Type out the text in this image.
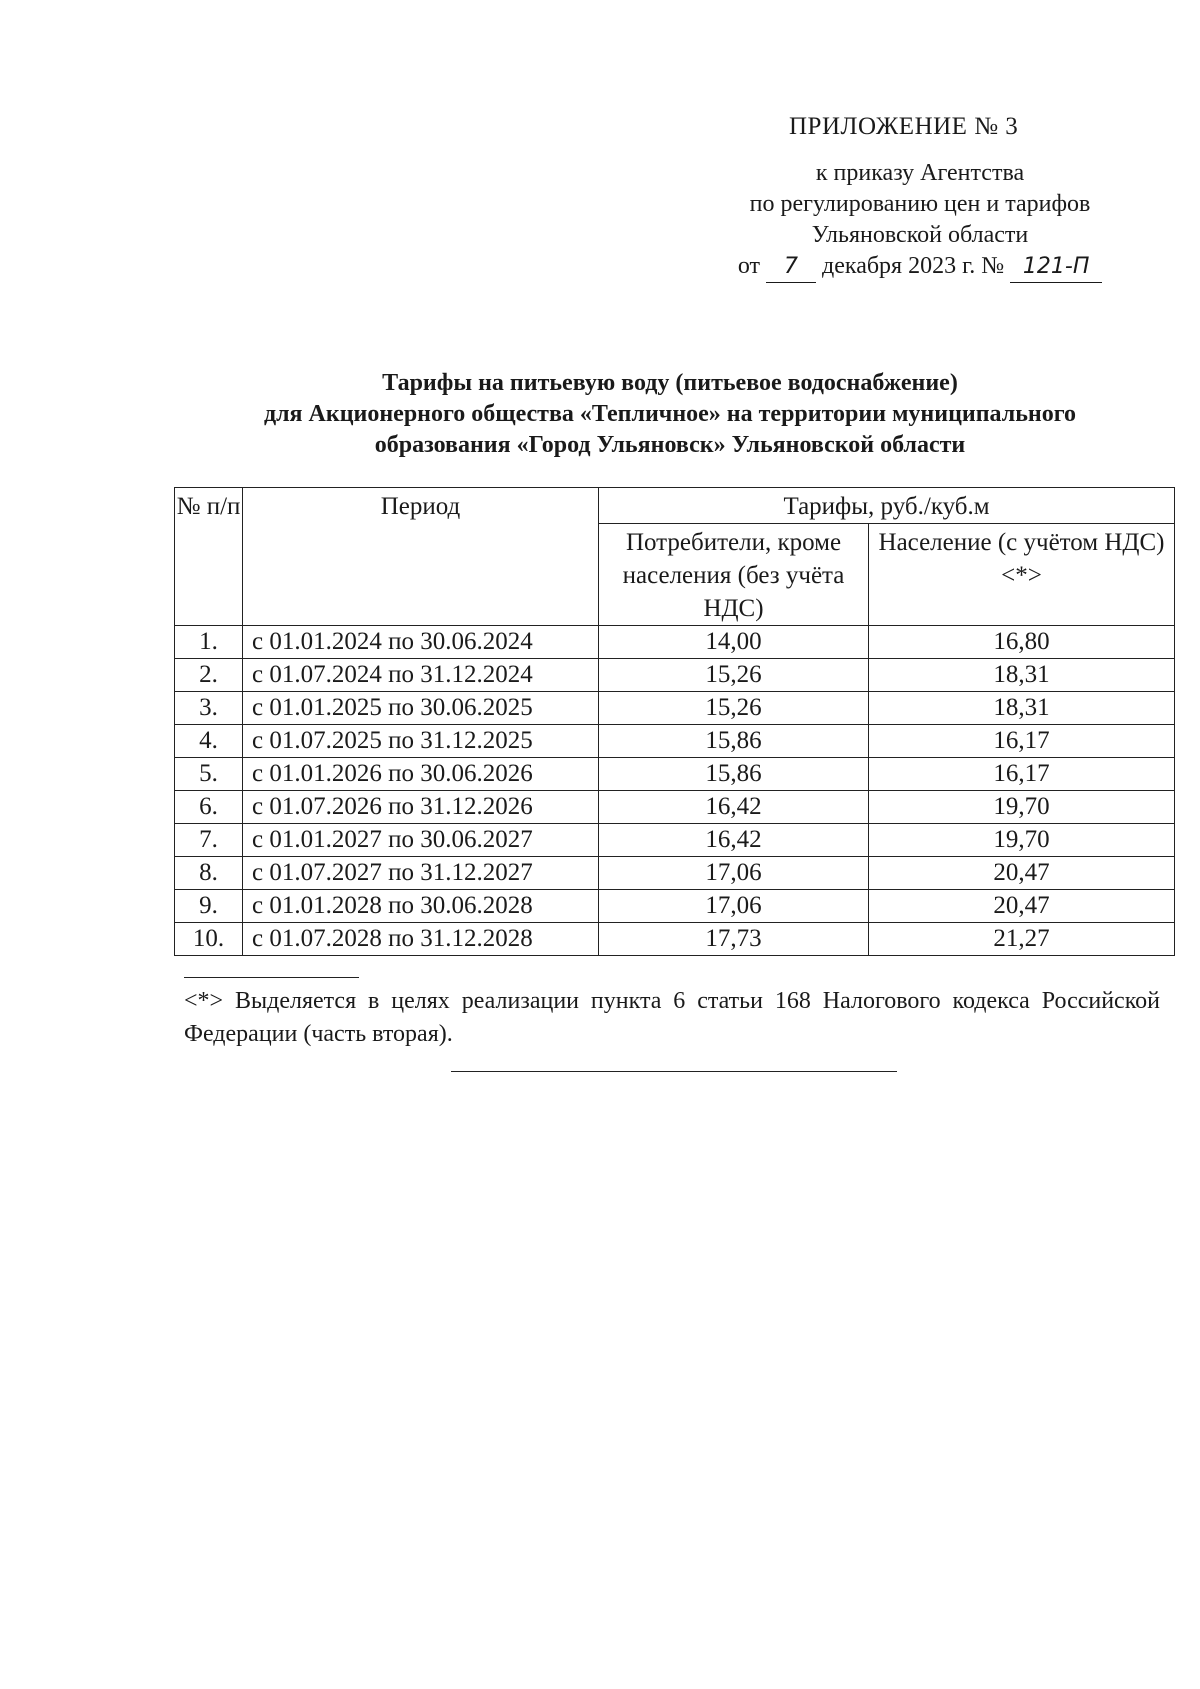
ПРИЛОЖЕНИЕ № 3
к приказу Агентства
по регулированию цен и тарифов
Ульяновской области
от 7 декабря 2023 г. № 121-П
Тарифы на питьевую воду (питьевое водоснабжение)
для Акционерного общества «Тепличное» на территории муниципального
образования «Город Ульяновск» Ульяновской области
№ п/п	Период	Тарифы, руб./куб.м	
		Потребители, кроме населения (без учёта НДС)	Население (с учётом НДС)<*>
1.	с 01.01.2024 по 30.06.2024	14,00	16,80
2.	с 01.07.2024 по 31.12.2024	15,26	18,31
3.	с 01.01.2025 по 30.06.2025	15,26	18,31
4.	с 01.07.2025 по 31.12.2025	15,86	16,17
5.	с 01.01.2026 по 30.06.2026	15,86	16,17
6.	с 01.07.2026 по 31.12.2026	16,42	19,70
7.	с 01.01.2027 по 30.06.2027	16,42	19,70
8.	с 01.07.2027 по 31.12.2027	17,06	20,47
9.	с 01.01.2028 по 30.06.2028	17,06	20,47
10.	с 01.07.2028 по 31.12.2028	17,73	21,27
<*> Выделяется в целях реализации пункта 6 статьи 168 Налогового кодекса Российской Федерации (часть вторая).
